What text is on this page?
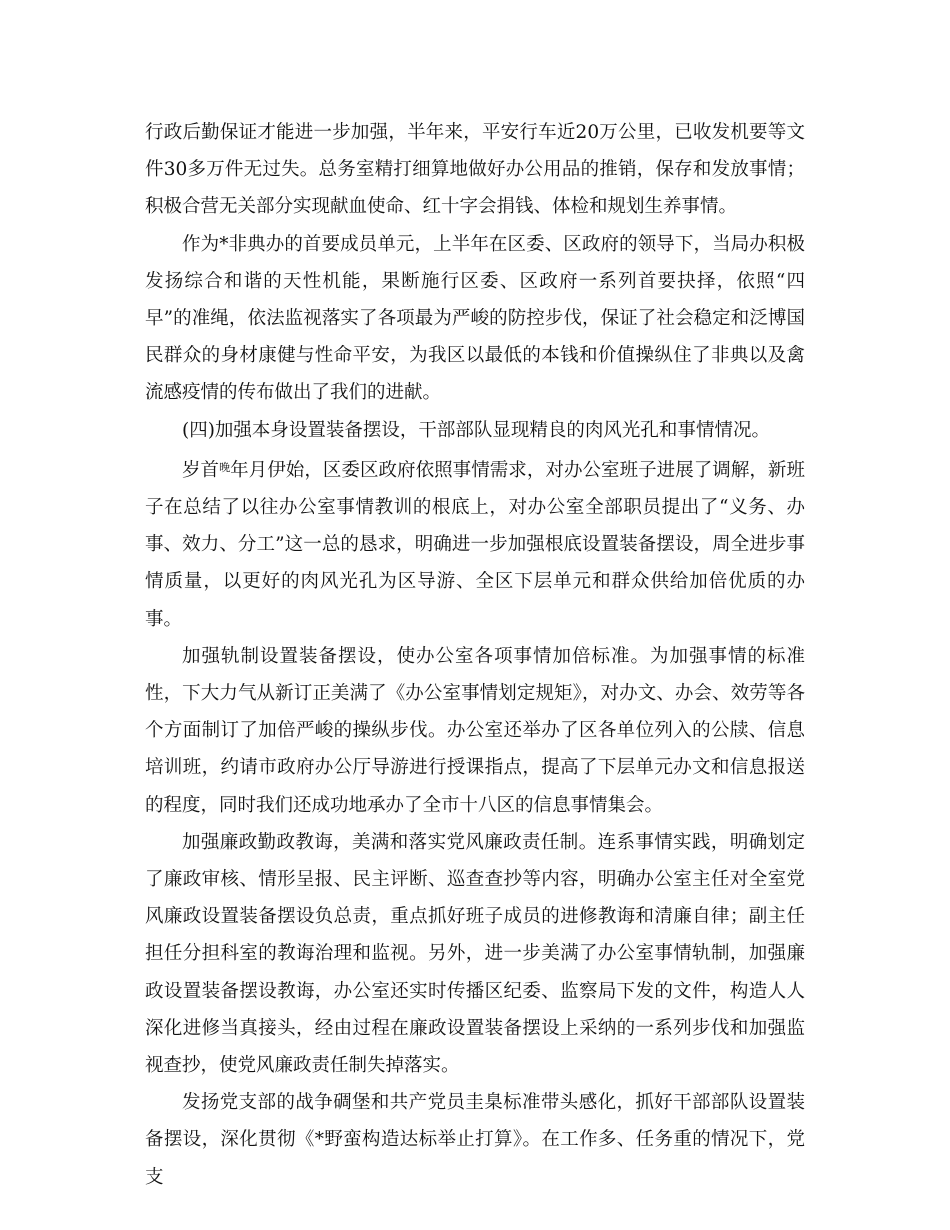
行政后勤保证才能进一步加强，半年来，平安行车近20万公里，已收发机要等文件30多万件无过失。总务室精打细算地做好办公用品的推销，保存和发放事情；积极合营无关部分实现献血使命、红十字会捐钱、体检和规划生养事情。

作为*非典办的首要成员单元，上半年在区委、区政府的领导下，当局办积极发扬综合和谐的天性机能，果断施行区委、区政府一系列首要抉择，依照“四早”的准绳，依法监视落实了各项最为严峻的防控步伐，保证了社会稳定和泛博国民群众的身材康健与性命平安，为我区以最低的本钱和价值操纵住了非典以及禽流感疫情的传布做出了我们的进献。

(四)加强本身设置装备摆设，干部部队显现精良的肉风光孔和事情情况。

岁首$^晚$年月伊始，区委区政府依照事情需求，对办公室班子进展了调解，新班子在总结了以往办公室事情教训的根底上，对办公室全部职员提出了“义务、办事、效力、分工”这一总的恳求，明确进一步加强根底设置装备摆设，周全进步事情质量，以更好的肉风光孔为区导游、全区下层单元和群众供给加倍优质的办事。

加强轨制设置装备摆设，使办公室各项事情加倍标准。为加强事情的标准性，下大力气从新订正美满了《办公室事情划定规矩》，对办文、办会、效劳等各个方面制订了加倍严峻的操纵步伐。办公室还举办了区各单位列入的公牍、信息培训班，约请市政府办公厅导游进行授课指点，提高了下层单元办文和信息报送的程度，同时我们还成功地承办了全市十八区的信息事情集会。

加强廉政勤政教诲，美满和落实党风廉政责任制。连系事情实践，明确划定了廉政审核、情形呈报、民主评断、巡查查抄等内容，明确办公室主任对全室党风廉政设置装备摆设负总责，重点抓好班子成员的进修教诲和清廉自律；副主任担任分担科室的教诲治理和监视。另外，进一步美满了办公室事情轨制，加强廉政设置装备摆设教诲，办公室还实时传播区纪委、监察局下发的文件，构造人人深化进修当真接头，经由过程在廉政设置装备摆设上采纳的一系列步伐和加强监视查抄，使党风廉政责任制失掉落实。

发扬党支部的战争碉堡和共产党员圭臬标准带头感化，抓好干部部队设置装备摆设，深化贯彻《*野蛮构造达标举止打算》。在工作多、任务重的情况下，党支
